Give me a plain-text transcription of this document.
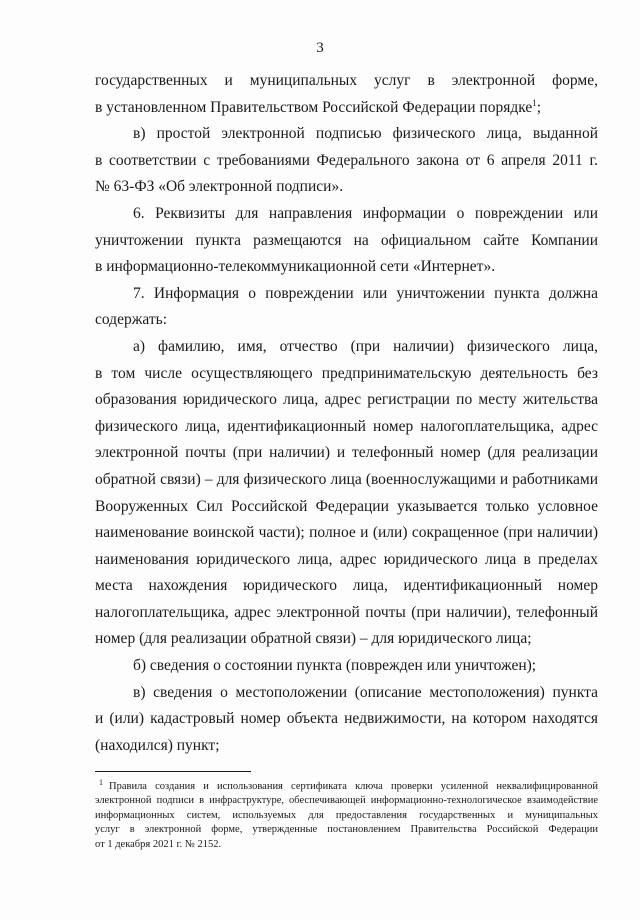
3
государственных и муниципальных услуг в электронной форме,
в установленном Правительством Российской Федерации порядке$^1$;
в) простой электронной подписью физического лица, выданной
в соответствии с требованиями Федерального закона от 6 апреля 2011 г.
№ 63-ФЗ «Об электронной подписи».
6. Реквизиты для направления информации о повреждении или
уничтожении пункта размещаются на официальном сайте Компании
в информационно-телекоммуникационной сети «Интернет».
7. Информация о повреждении или уничтожении пункта должна
содержать:
а) фамилию, имя, отчество (при наличии) физического лица,
в том числе осуществляющего предпринимательскую деятельность без
образования юридического лица, адрес регистрации по месту жительства
физического лица, идентификационный номер налогоплательщика, адрес
электронной почты (при наличии) и телефонный номер (для реализации
обратной связи) – для физического лица (военнослужащими и работниками
Вооруженных Сил Российской Федерации указывается только условное
наименование воинской части); полное и (или) сокращенное (при наличии)
наименования юридического лица, адрес юридического лица в пределах
места нахождения юридического лица, идентификационный номер
налогоплательщика, адрес электронной почты (при наличии), телефонный
номер (для реализации обратной связи) – для юридического лица;
б) сведения о состоянии пункта (поврежден или уничтожен);
в) сведения о местоположении (описание местоположения) пункта
и (или) кадастровый номер объекта недвижимости, на котором находятся
(находился) пункт;
$^1$ Правила создания и использования сертификата ключа проверки усиленной неквалифицированной
электронной подписи в инфраструктуре, обеспечивающей информационно-технологическое взаимодействие
информационных систем, используемых для предоставления государственных и муниципальных
услуг в электронной форме, утвержденные постановлением Правительства Российской Федерации
от 1 декабря 2021 г. № 2152.
